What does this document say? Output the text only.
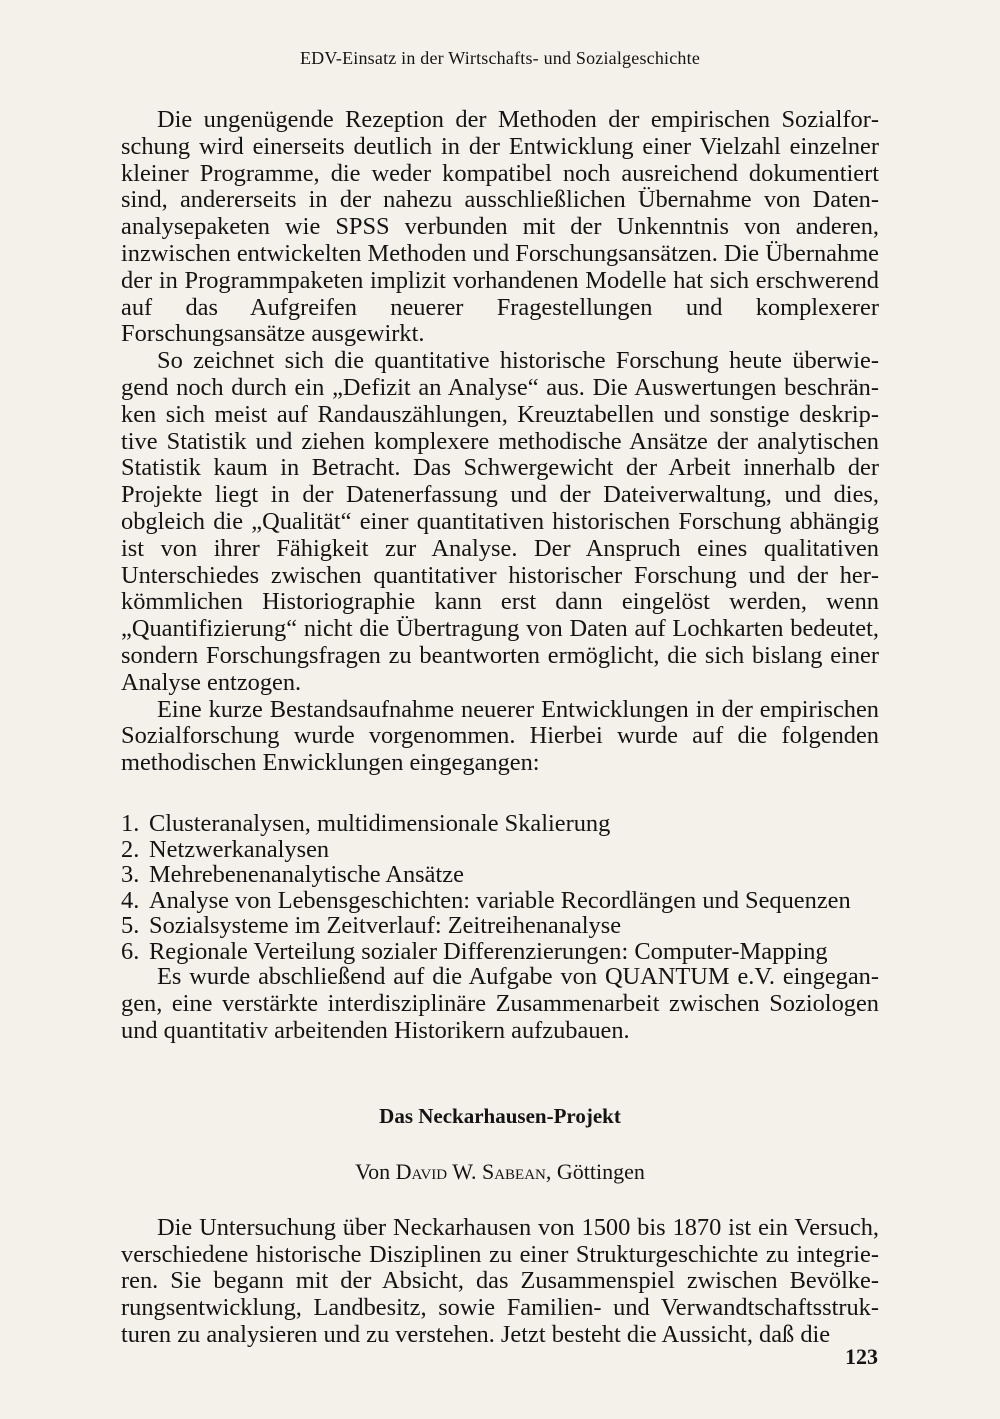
EDV-Einsatz in der Wirtschafts- und Sozialgeschichte

Die ungenügende Rezeption der Methoden der empirischen Sozialforschung wird einerseits deutlich in der Entwicklung einer Vielzahl einzelner kleiner Programme, die weder kompatibel noch ausreichend dokumentiert sind, andererseits in der nahezu ausschließlichen Übernahme von Datenanalysepaketen wie SPSS verbunden mit der Unkenntnis von anderen, inzwischen entwickelten Methoden und Forschungsansätzen. Die Übernahme der in Programmpaketen implizit vorhandenen Modelle hat sich erschwerend auf das Aufgreifen neuerer Fragestellungen und komplexerer Forschungsansätze ausgewirkt.

So zeichnet sich die quantitative historische Forschung heute überwiegend noch durch ein „Defizit an Analyse“ aus. Die Auswertungen beschränken sich meist auf Randauszählungen, Kreuztabellen und sonstige deskriptive Statistik und ziehen komplexere methodische Ansätze der analytischen Statistik kaum in Betracht. Das Schwergewicht der Arbeit innerhalb der Projekte liegt in der Datenerfassung und der Dateiverwaltung, und dies, obgleich die „Qualität“ einer quantitativen historischen Forschung abhängig ist von ihrer Fähigkeit zur Analyse. Der Anspruch eines qualitativen Unterschiedes zwischen quantitativer historischer Forschung und der herkömmlichen Historiographie kann erst dann eingelöst werden, wenn „Quantifizierung“ nicht die Übertragung von Daten auf Lochkarten bedeutet, sondern Forschungsfragen zu beantworten ermöglicht, die sich bislang einer Analyse entzogen.

Eine kurze Bestandsaufnahme neuerer Entwicklungen in der empirischen Sozialforschung wurde vorgenommen. Hierbei wurde auf die folgenden methodischen Enwicklungen eingegangen:

1. Clusteranalysen, multidimensionale Skalierung
2. Netzwerkanalysen
3. Mehrebenenanalytische Ansätze
4. Analyse von Lebensgeschichten: variable Recordlängen und Sequenzen
5. Sozialsysteme im Zeitverlauf: Zeitreihenanalyse
6. Regionale Verteilung sozialer Differenzierungen: Computer-Mapping

Es wurde abschließend auf die Aufgabe von QUANTUM e.V. eingegangen, eine verstärkte interdisziplinäre Zusammenarbeit zwischen Soziologen und quantitativ arbeitenden Historikern aufzubauen.

Das Neckarhausen-Projekt

Von David W. Sabean, Göttingen

Die Untersuchung über Neckarhausen von 1500 bis 1870 ist ein Versuch, verschiedene historische Disziplinen zu einer Strukturgeschichte zu integrieren. Sie begann mit der Absicht, das Zusammenspiel zwischen Bevölkerungsentwicklung, Landbesitz, sowie Familien- und Verwandtschaftsstrukturen zu analysieren und zu verstehen. Jetzt besteht die Aussicht, daß die

123
